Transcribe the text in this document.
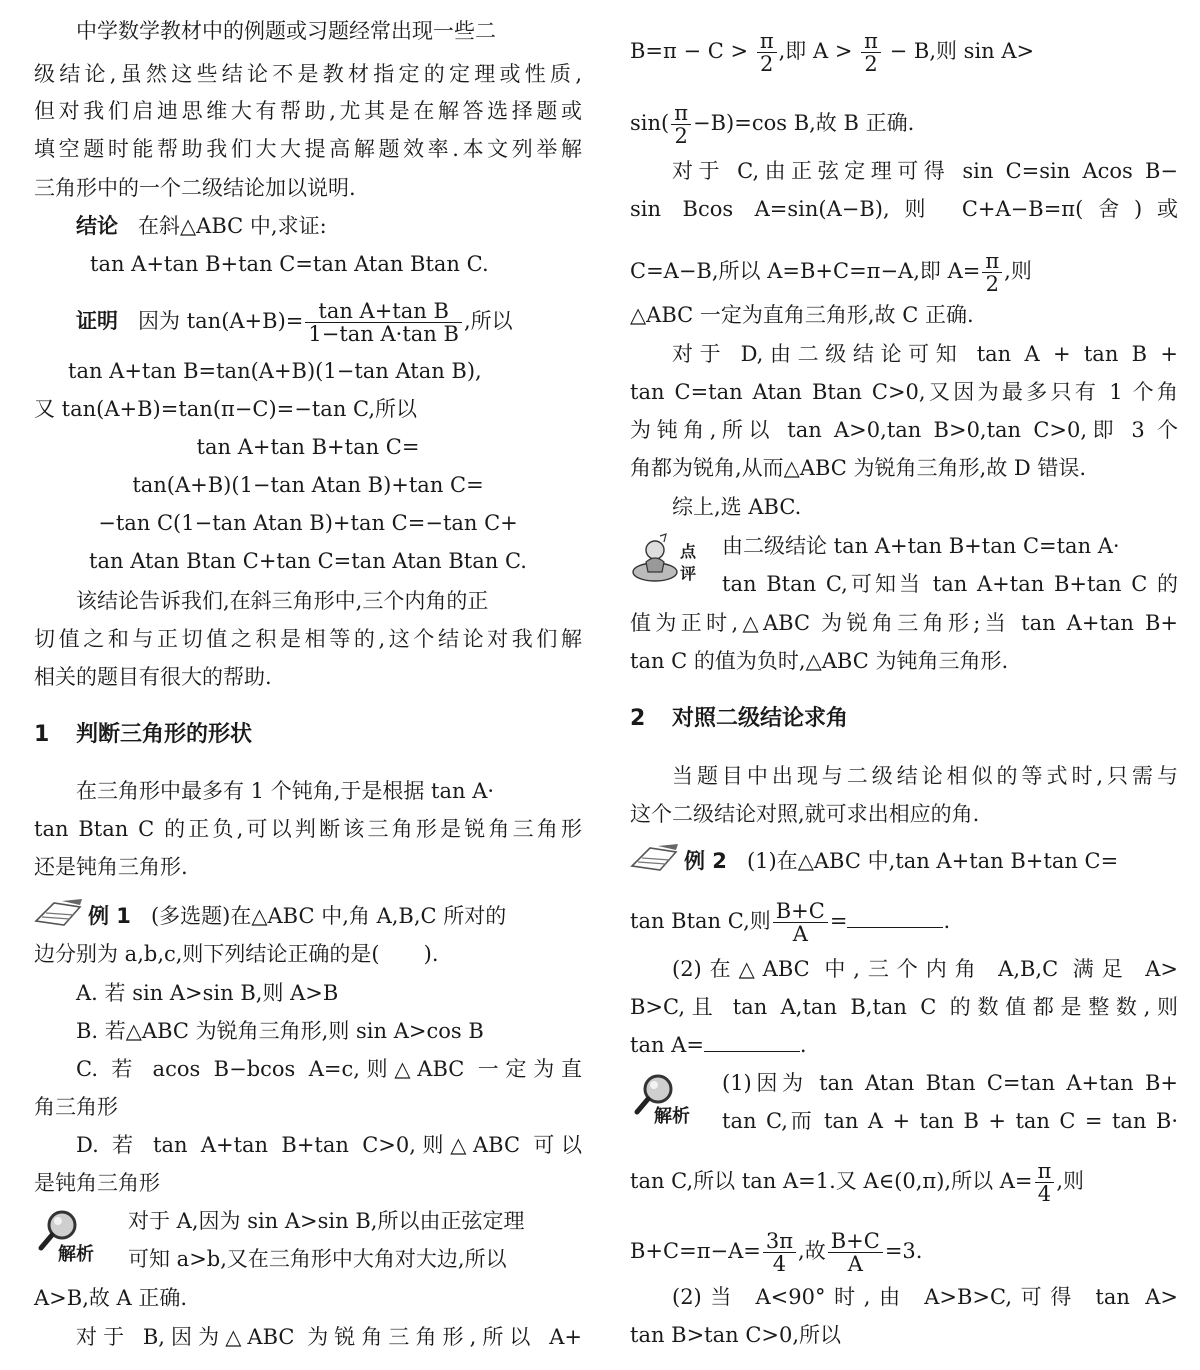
中学数学教材中的例题或习题经常出现一些二
级结论,虽然这些结论不是教材指定的定理或性质,
但对我们启迪思维大有帮助,尤其是在解答选择题或
填空题时能帮助我们大大提高解题效率.本文列举解
三角形中的一个二级结论加以说明.
结论 在斜△ABC 中,求证:
tan A+tan B+tan C=tan Atan Btan C.
证明 因为 $\tan(A+B)= \frac{\text{tan A+tan B}}{\text{1−tan A·tan B}}$ ,所以
tan A+tan B=tan(A+B)(1−tan Atan B),
又 tan(A+B)=tan(π−C)=−tan C,所以
tan A+tan B+tan C=
tan(A+B)(1−tan Atan B)+tan C=
−tan C(1−tan Atan B)+tan C=−tan C+
tan Atan Btan C+tan C=tan Atan Btan C.
该结论告诉我们,在斜三角形中,三个内角的正
切值之和与正切值之积是相等的,这个结论对我们解
相关的题目有很大的帮助.
1 判断三角形的形状
在三角形中最多有 1 个钝角,于是根据 tan A·
tan Btan C 的正负,可以判断该三角形是锐角三角形
还是钝角三角形.
例 1 (多选题)在△ABC 中,角 A,B,C 所对的
边分别为 a,b,c,则下列结论正确的是( ).
A. 若 sin A>sin B,则 A>B
B. 若△ABC 为锐角三角形,则 sin A>cos B
C. 若 acos B−bcos A=c,则△ABC 一定为直
角三角形
D. 若 tan A+tan B+tan C>0,则△ABC 可以
是钝角三角形
解析
对于 A,因为 sin A>sin B,所以由正弦定理
可知 a>b,又在三角形中大角对大边,所以
A>B,故 A 正确.
对于 B,因为△ABC 为锐角三角形,所以 A+
$B=\pi - C > \frac{\pi}{2}$ ,即 $A > \frac{\pi}{2} - B$,则 sin A>
$\sin( \frac{\pi}{2} -B)=\cos$ B,故 B 正确.
对于 C,由正弦定理可得 sin C=sin Acos B−
sin Bcos A=sin(A−B),则 C+A−B=π(舍)或
C=A−B,所以 A=B+C=π−A,即 $A= \frac{\pi}{2}$ ,则
△ABC 一定为直角三角形,故 C 正确.
对于 D,由二级结论可知 tan A + tan B +
tan C=tan Atan Btan C>0,又因为最多只有 1 个角
为钝角,所以 tan A>0,tan B>0,tan C>0,即 3 个
角都为锐角,从而△ABC 为锐角三角形,故 D 错误.
综上,选 ABC.
点
评
由二级结论 tan A+tan B+tan C=tan A·
tan Btan C,可知当 tan A+tan B+tan C 的
值为正时,△ABC 为锐角三角形;当 tan A+tan B+
tan C 的值为负时,△ABC 为钝角三角形.
2 对照二级结论求角
当题目中出现与二级结论相似的等式时,只需与
这个二级结论对照,就可求出相应的角.
例 2 (1)在△ABC 中,tan A+tan B+tan C=
tan Btan C,则 $\frac{B+C}{A}$ =	.
(2)在△ABC 中,三个内角 A,B,C 满足 A>
B>C,且 tan A,tan B,tan C 的数值都是整数,则
tan A=	.
解析
(1)因为 tan Atan Btan C=tan A+tan B+
tan C,而 tan A + tan B + tan C = tan B·
tan C,所以 tan A=1.又 A∈(0,π),所以 $A= \frac{\pi}{4}$ ,则
$B+C=\pi-A= \frac{3\pi}{4}$ ,故 $\frac{B+C}{A} =3$.
(2)当 A<90°时,由 A>B>C,可得 tan A>
tan B>tan C>0,所以
